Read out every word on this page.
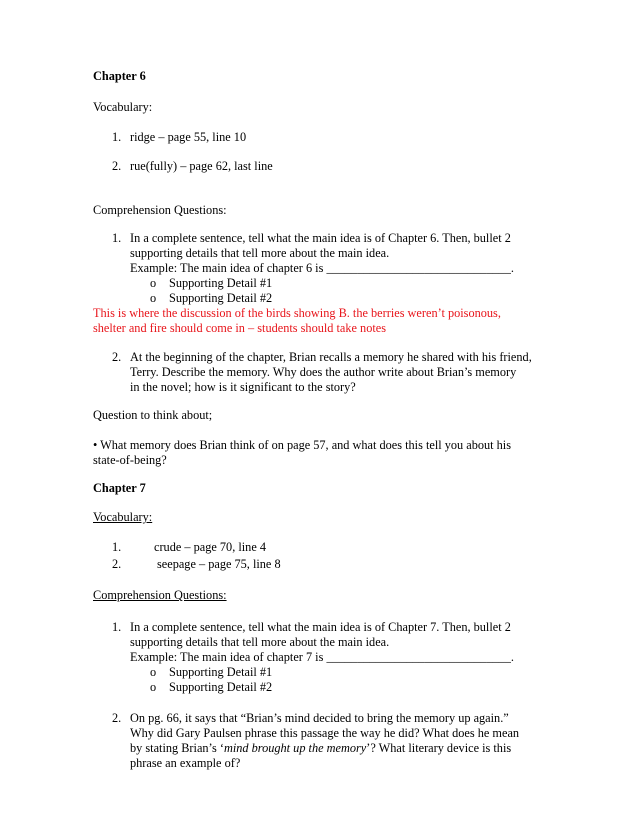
Chapter 6
Vocabulary:
1. ridge – page 55, line 10
2. rue(fully) – page 62, last line
Comprehension Questions:
1. In a complete sentence, tell what the main idea is of Chapter 6. Then, bullet 2
supporting details that tell more about the main idea.
Example: The main idea of chapter 6 is ______________________________.
o Supporting Detail #1
o Supporting Detail #2
This is where the discussion of the birds showing B. the berries weren’t poisonous,
shelter and fire should come in – students should take notes
2. At the beginning of the chapter, Brian recalls a memory he shared with his friend,
Terry. Describe the memory. Why does the author write about Brian’s memory
in the novel; how is it significant to the story?
Question to think about;
• What memory does Brian think of on page 57, and what does this tell you about his
state-of-being?
Chapter 7
Vocabulary:
1.	crude – page 70, line 4
2.	seepage – page 75, line 8
Comprehension Questions:
1. In a complete sentence, tell what the main idea is of Chapter 7. Then, bullet 2
supporting details that tell more about the main idea.
Example: The main idea of chapter 7 is ______________________________.
o Supporting Detail #1
o Supporting Detail #2
2. On pg. 66, it says that “Brian’s mind decided to bring the memory up again.”
Why did Gary Paulsen phrase this passage the way he did? What does he mean
by stating Brian’s ‘mind brought up the memory’? What literary device is this
phrase an example of?
